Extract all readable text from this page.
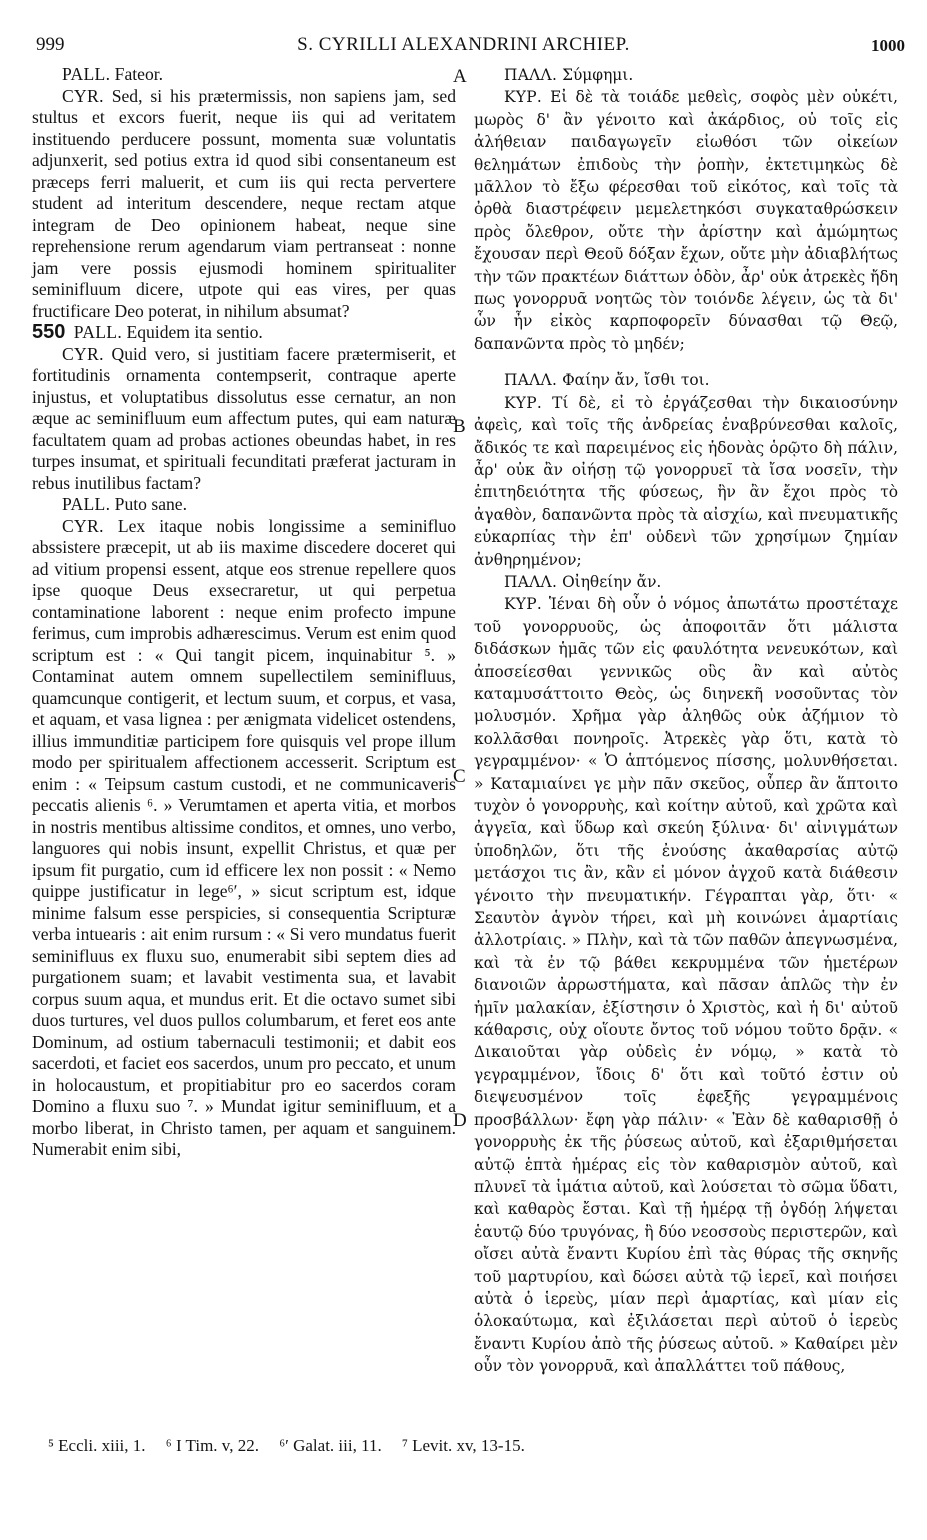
999	S. CYRILLI ALEXANDRINI ARCHIEP.	1000

PALL. Fateor.

CYR. Sed, si his prætermissis, non sapiens jam, sed stultus et excors fuerit, neque iis qui ad veritatem instituendo perducere possunt, momenta suæ voluntatis adjunxerit, sed potius extra id quod sibi consentaneum est præceps ferri maluerit, et cum iis qui recta pervertere student ad interitum descendere, neque rectam atque integram de Deo opinionem habeat, neque sine reprehensione rerum agendarum viam pertranseat : nonne jam vere possis ejusmodi hominem spiritualiter seminifluum dicere, utpote qui eas vires, per quas fructificare Deo poterat, in nihilum absumat?

550 PALL. Equidem ita sentio.

CYR. Quid vero, si justitiam facere prætermiserit, et fortitudinis ornamenta contempserit, contraque aperte injustus, et voluptatibus dissolutus esse cernatur, an non æque ac seminifluum eum affectum putes, qui eam naturæ facultatem quam ad probas actiones obeundas habet, in res turpes insumat, et spirituali fecunditati præferat jacturam in rebus inutilibus factam?

PALL. Puto sane.

CYR. Lex itaque nobis longissime a seminifluo abssistere præcepit, ut ab iis maxime discedere doceret qui ad vitium propensi essent, atque eos strenue repellere quos ipse quoque Deus exsecraretur, ut qui perpetua contaminatione laborent : neque enim profecto impune ferimus, cum improbis adhærescimus. Verum est enim quod scriptum est : « Qui tangit picem, inquinabitur ⁵. » Contaminat autem omnem supellectilem seminifluus, quamcunque contigerit, et lectum suum, et corpus, et vasa, et aquam, et vasa lignea : per ænigmata videlicet ostendens, illius immunditiæ participem fore quisquis vel prope illum modo per spiritualem affectionem accesserit. Scriptum est enim : « Teipsum castum custodi, et ne communicaveris peccatis alienis ⁶. » Verumtamen et aperta vitia, et morbos in nostris mentibus altissime conditos, et omnes, uno verbo, languores qui nobis insunt, expellit Christus, et quæ per ipsum fit purgatio, cum id efficere lex non possit : « Nemo quippe justificatur in lege⁶ʹ, » sicut scriptum est, idque minime falsum esse perspicies, si consequentia Scripturæ verba intuearis : ait enim rursum : « Si vero mundatus fuerit seminifluus ex fluxu suo, enumerabit sibi septem dies ad purgationem suam; et lavabit vestimenta sua, et lavabit corpus suum aqua, et mundus erit. Et die octavo sumet sibi duos turtures, vel duos pullos columbarum, et feret eos ante Dominum, ad ostium tabernaculi testimonii; et dabit eos sacerdoti, et faciet eos sacerdos, unum pro peccato, et unum in holocaustum, et propitiabitur pro eo sacerdos coram Domino a fluxu suo ⁷. » Mundat igitur seminifluum, et a morbo liberat, in Christo tamen, per aquam et sanguinem. Numerabit enim sibi,

A
B
C
D

ΠΑΛΛ. Σύμφημι.

ΚΥΡ. Εἰ δὲ τὰ τοιάδε μεθεὶς, σοφὸς μὲν οὐκέτι, μωρὸς δ' ἂν γένοιτο καὶ ἀκάρδιος, οὐ τοῖς εἰς ἀλήθειαν παιδαγωγεῖν εἰωθόσι τῶν οἰκείων θελημάτων ἐπιδοὺς τὴν ῥοπὴν, ἐκτετιμηκὼς δὲ μᾶλλον τὸ ἔξω φέρεσθαι τοῦ εἰκότος, καὶ τοῖς τὰ ὀρθὰ διαστρέφειν μεμελετηκόσι συγκαταθρώσκειν πρὸς ὄλεθρον, οὔτε τὴν ἀρίστην καὶ ἀμώμητως ἔχουσαν περὶ Θεοῦ δόξαν ἔχων, οὔτε μὴν ἀδιαβλήτως τὴν τῶν πρακτέων διάττων ὁδὸν, ἆρ' οὐκ ἀτρεκὲς ἤδη πως γονορρυᾶ νοητῶς τὸν τοιόνδε λέγειν, ὡς τὰ δι' ὧν ἦν εἰκὸς καρποφορεῖν δύνασθαι τῷ Θεῷ, δαπανῶντα πρὸς τὸ μηδέν;

ΠΑΛΛ. Φαίην ἄν, ἴσθι τοι.

ΚΥΡ. Τί δὲ, εἰ τὸ ἐργάζεσθαι τὴν δικαιοσύνην ἀφεὶς, καὶ τοῖς τῆς ἀνδρείας ἐναβρύνεσθαι καλοῖς, ἄδικός τε καὶ παρειμένος εἰς ἡδονὰς ὁρῷτο δὴ πάλιν, ἆρ' οὐκ ἂν οἰήσῃ τῷ γονορρυεῖ τὰ ἴσα νοσεῖν, τὴν ἐπιτηδειότητα τῆς φύσεως, ἣν ἂν ἔχοι πρὸς τὸ ἀγαθὸν, δαπανῶντα πρὸς τὰ αἰσχίω, καὶ πνευματικῆς εὐκαρπίας τὴν ἐπ' οὐδενὶ τῶν χρησίμων ζημίαν ἀνθηρημένον;

ΠΑΛΛ. Οἰηθείην ἄν.

ΚΥΡ. Ἱέναι δὴ οὖν ὁ νόμος ἀπωτάτω προστέταχε τοῦ γονορρυοῦς, ὡς ἀποφοιτᾶν ὅτι μάλιστα διδάσκων ἡμᾶς τῶν εἰς φαυλότητα νενευκότων, καὶ ἀποσείεσθαι γεννικῶς οὓς ἂν καὶ αὐτὸς καταμυσάττοιτο Θεὸς, ὡς διηνεκῆ νοσοῦντας τὸν μολυσμόν. Χρῆμα γὰρ ἀληθῶς οὐκ ἀζήμιον τὸ κολλᾶσθαι πονηροῖς. Ἀτρεκὲς γὰρ ὅτι, κατὰ τὸ γεγραμμένον· « Ὁ ἁπτόμενος πίσσης, μολυνθήσεται. » Καταμιαίνει γε μὴν πᾶν σκεῦος, οὗπερ ἂν ἅπτοιτο τυχὸν ὁ γονορρυὴς, καὶ κοίτην αὐτοῦ, καὶ χρῶτα καὶ ἀγγεῖα, καὶ ὕδωρ καὶ σκεύη ξύλινα· δι' αἰνιγμάτων ὑποδηλῶν, ὅτι τῆς ἐνούσης ἀκαθαρσίας αὐτῷ μετάσχοι τις ἂν, κἂν εἰ μόνον ἀγχοῦ κατὰ διάθεσιν γένοιτο τὴν πνευματικήν. Γέγραπται γὰρ, ὅτι· « Σεαυτὸν ἁγνὸν τήρει, καὶ μὴ κοινώνει ἁμαρτίαις ἀλλοτρίαις. » Πλὴν, καὶ τὰ τῶν παθῶν ἀπεγνωσμένα, καὶ τὰ ἐν τῷ βάθει κεκρυμμένα τῶν ἡμετέρων διανοιῶν ἀρρωστήματα, καὶ πᾶσαν ἁπλῶς τὴν ἐν ἡμῖν μαλακίαν, ἐξίστησιν ὁ Χριστὸς, καὶ ἡ δι' αὐτοῦ κάθαρσις, οὐχ οἵουτε ὄντος τοῦ νόμου τοῦτο δρᾷν. « Δικαιοῦται γὰρ οὐδεὶς ἐν νόμῳ, » κατὰ τὸ γεγραμμένον, ἴδοις δ' ὅτι καὶ τοῦτό ἐστιν οὐ διεψευσμένον τοῖς ἐφεξῆς γεγραμμένοις προσβάλλων· ἔφη γὰρ πάλιν· « Ἐὰν δὲ καθαρισθῇ ὁ γονορρυὴς ἐκ τῆς ῥύσεως αὐτοῦ, καὶ ἐξαριθμήσεται αὐτῷ ἑπτὰ ἡμέρας εἰς τὸν καθαρισμὸν αὐτοῦ, καὶ πλυνεῖ τὰ ἱμάτια αὐτοῦ, καὶ λούσεται τὸ σῶμα ὕδατι, καὶ καθαρὸς ἔσται. Καὶ τῇ ἡμέρᾳ τῇ ὀγδόῃ λήψεται ἑαυτῷ δύο τρυγόνας, ἢ δύο νεοσσοὺς περιστερῶν, καὶ οἴσει αὐτὰ ἔναντι Κυρίου ἐπὶ τὰς θύρας τῆς σκηνῆς τοῦ μαρτυρίου, καὶ δώσει αὐτὰ τῷ ἱερεῖ, καὶ ποιήσει αὐτὰ ὁ ἱερεὺς, μίαν περὶ ἁμαρτίας, καὶ μίαν εἰς ὁλοκαύτωμα, καὶ ἐξιλάσεται περὶ αὐτοῦ ὁ ἱερεὺς ἔναντι Κυρίου ἀπὸ τῆς ῥύσεως αὐτοῦ. » Καθαίρει μὲν οὖν τὸν γονορρυᾶ, καὶ ἀπαλλάττει τοῦ πάθους,

⁵ Eccli. xiii, 1. ⁶ I Tim. v, 22. ⁶ʹ Galat. iii, 11. ⁷ Levit. xv, 13-15.
